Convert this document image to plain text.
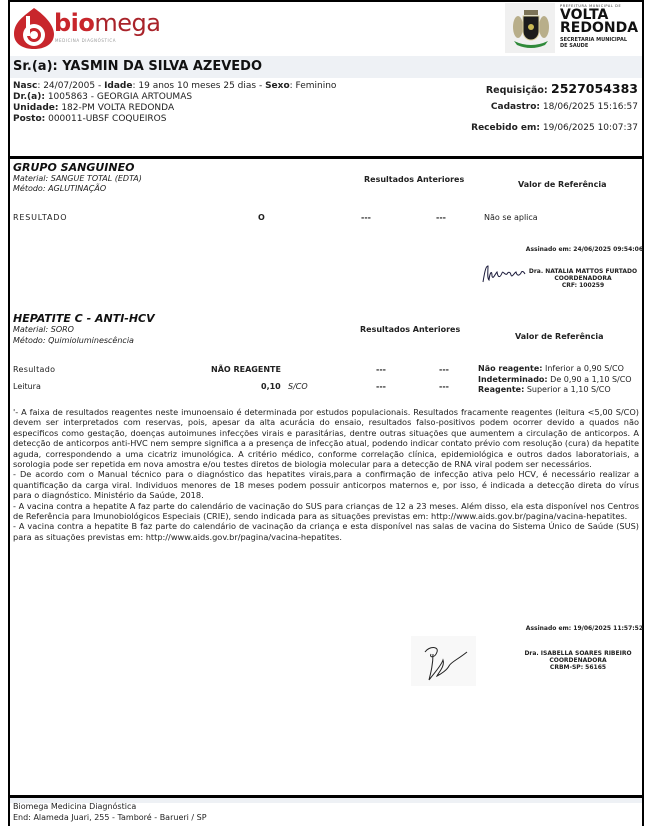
biomega
MEDICINA DIAGNÓSTICA
PREFEITURA MUNICIPAL DE
VOLTA
REDONDA
SECRETARIA MUNICIPAL
DE SAUDE
Sr.(a): YASMIN DA SILVA AZEVEDO
Nasc: 24/07/2005 - Idade: 19 anos 10 meses 25 dias - Sexo: Feminino
Dr.(a): 1005863 - GEORGIA ARTOUMAS
Unidade: 182-PM VOLTA REDONDA
Posto: 000011-UBSF COQUEIROS
Requisição: 2527054383
Cadastro: 18/06/2025 15:16:57
Recebido em: 19/06/2025 10:07:37
GRUPO SANGUINEO
Material: SANGUE TOTAL (EDTA)
Método: AGLUTINAÇÃO
Resultados Anteriores
Valor de Referência
RESULTADO	O	---	---	Não se aplica
Assinado em: 24/06/2025 09:54:06
Dra. NATALIA MATTOS FURTADO
COORDENADORA
CRF: 100259
HEPATITE C - ANTI-HCV
Material: SORO
Método: Quimioluminescência
Resultados Anteriores
Valor de Referência
Resultado	NÃO REAGENTE	---	---
Leitura	0,10 S/CO	---	---
Não reagente: Inferior a 0,90 S/CO
Indeterminado: De 0,90 a 1,10 S/CO
Reagente: Superior a 1,10 S/CO

'- A faixa de resultados reagentes neste imunoensaio é determinada por estudos populacionais. Resultados fracamente reagentes (leitura <5,00 S/CO) devem ser interpretados com reservas, pois, apesar da alta acurácia do ensaio, resultados falso-positivos podem ocorrer devido a quados não especificos como gestação, doenças autoimunes infecções virais e parasitárias, dentre outras situações que aumentem a circulação de anticorpos. A detecção de anticorpos anti-HVC nem sempre significa a a presença de infecção atual, podendo indicar contato prévio com resolução (cura) da hepatite aguda, correspondendo a uma cicatriz imunológica. A critério médico, conforme correlação clínica, epidemiológica e outros dados laboratoriais, a sorologia pode ser repetida em nova amostra e/ou testes diretos de biologia molecular para a detecção de RNA viral podem ser necessários.

- De acordo com o Manual técnico para o diagnóstico das hepatites virais,para a confirmação de infecção ativa pelo HCV, é necessário realizar a quantificação da carga viral. Individuos menores de 18 meses podem possuir anticorpos maternos e, por isso, é indicada a detecção direta do vírus para o diagnóstico. Ministério da Saúde, 2018.

- A vacina contra a hepatite A faz parte do calendário de vacinação do SUS para crianças de 12 a 23 meses. Além disso, ela esta disponível nos Centros de Referência para Imunobiológicos Especiais (CRIE), sendo indicada para as situações previstas em: http://www.aids.gov.br/pagina/vacina-hepatites.

- A vacina contra a hepatite B faz parte do calendário de vacinação da criança e esta disponível nas salas de vacina do Sistema Único de Saúde (SUS) para as situações previstas em: http://www.aids.gov.br/pagina/vacina-hepatites.

Assinado em: 19/06/2025 11:57:52
Dra. ISABELLA SOARES RIBEIRO
COORDENADORA
CRBM-SP: 56165
Biomega Medicina Diagnóstica
End: Alameda Juari, 255 - Tamboré - Barueri / SP
